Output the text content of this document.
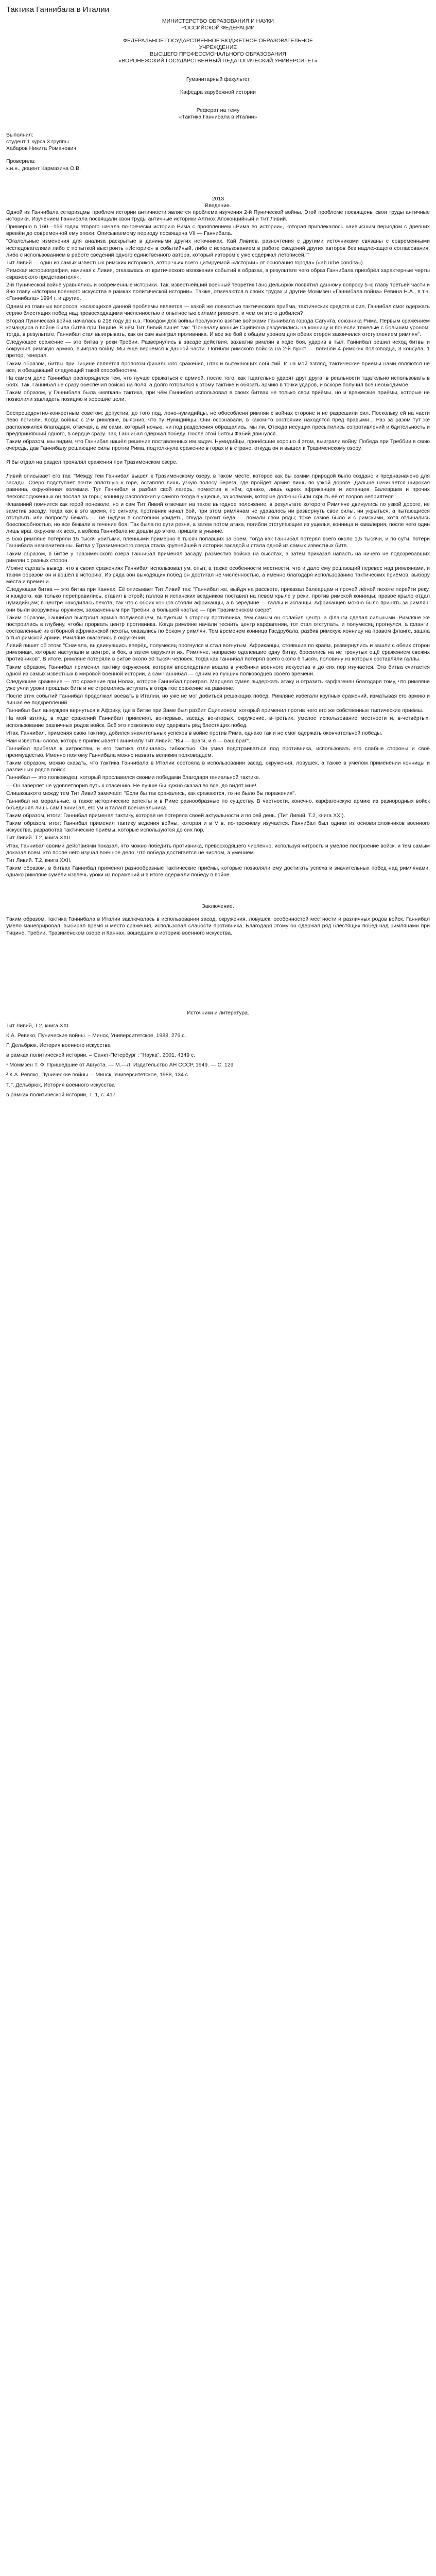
Тактика Ганнибала в Италии
МИНИСТЕРСТВО ОБРАЗОВАНИЯ И НАУКИ
РОССИЙСКОЙ ФЕДЕРАЦИИ
ФЕДЕРАЛЬНОЕ ГОСУДАРСТВЕННОЕ БЮДЖЕТНОЕ ОБРАЗОВАТЕЛЬНОЕ
УЧРЕЖДЕНИЕ
ВЫСШЕГО ПРОФЕССИОНАЛЬНОГО ОБРАЗОВАНИЯ
«ВОРОНЕЖСКИЙ ГОСУДАРСТВЕННЫЙ ПЕДАГОГИЧЕСКИЙ УНИВЕРСИТЕТ»
Гуманитарный факультет
Кафедра зарубежной истории
Реферат на тему
«Тактика Ганнибала в Италии»
Выполнил:
студент 1 курса 3 группы
Хабаров Никита Романович
Проверила:
к.и.н., доцент Кармазина О.В.
2013
Введение.

Одной из Ганнибала сетаризцмы проблем истории античности является проблема изучения 2-й Пунической войны. Этой проблеме посвящены свои труды античные историки. Изучением Ганнибала посвящали свои труды античные историки Алтиох Апоконцийный и Тит Ливий.

Примерно в 160—159 годах второго начала по-гречески историю Рима с проявлением «Рима во истории», которая привлекалось наивысшим периодом с древних времён до современной ему эпохи. Описываемому периоду посвящена VII — Ганнибала.

"Огалельные изменения для анализа раскрытые в даниными других источниках. Кай Ливиев, разночтения с другими источниками связаны с современными исследователями либо с попыткой выстроить «Историю» в событийный, либо с использованием в работе сведений других авторов без надлежащего согласования, либо с использованием в работе сведений одного единственного автора, который изтором с уже содержал летописей.""

Тит Ливий — один из самых известных римских историков, автор чьих всего цитируемой «Истории» от основания города» («ab urbe condita»).

Римская историография, начиная с Ливия, отказалась от критического изложения событий в образах, в результате чего образ Ганнибала приобрёл характерные черты «вражеского представителя».

2-й Пунической войнё уравнялись и современные историки. Так, известнейший военный теоретик Ганс Дельбрюк посвятил данному вопросу 5-ю главу третьей части и 8-ю главу «Истории военного искусства в рамках политической истории». Также, отмечаются в своих трудах и другие Моммзен «Ганнибала война» Ревина Н.А., в т.ч. «Ганнибала» 1994 г. и другие.

Одним из главных вопросов, касающихся данной проблемы является — какой же ловкостью тактического приёма, тактических средств и сил, Ганнибал смог одержать серию блестящих побед над превосходящими численностью и опытностью силами римских, и чем он этого добился?

Вторая Пуническая война началась в 218 году до н.э. Поводом для войны послужило взятие войсками Ганнибала города Сагунта, союзника Рима. Первым сражением командира в войне была битва при Тицине. В нём Тит Ливий пишет так: "Поначалу конные Сципиона разделились на конницу и понесли тяжелые с большим уроном, тогда, в результате, Ганнибал стал выигрывать, как он сам выиграл противника. И все же бой с общим уроном для обеих сторон закончился отступлением римлян".

Следующее сражение — это битва у реки Требии. Развернулись в засаде действия, захватив римлян в ходе боя, ударив в тыл, Ганнибал решил исход битвы и сокрушил римскую армию, выиграв войну. Мы ещё вернёмся к данной части. Погибли римского войска на 2-й пункт — погибли 4 римских полководца, 3 консула, 1 претор, генерал.

Таким образом, битвы при Тицине является прологом финального сражения, нтак и вытекающих событий. И на мой взгляд, тактические приёмы нами являются не все, и обещающий следующий такой способностям.

На самом деле Ганнибал распорядился тем, что лучше сражаться с армией, после того, как тщательно ударят друг друга, в реальности тщательно использовать в боях. Так, Ганнибал не сразу обеспечил войско на поля, а долго готовился к этому тактике и обязать армию в точки ударов, и вскоре получил всё необходимое.

Таким образом, у Ганнибала была «мягкая» тактика, при чём Ганнибал использовал в своих битвах не только свои приёмы, но и вражеские приёмы, которые не позволили завладеть позицию и хорошие цели.

Беспрецедентно-конкретным советом: допустив, до того под, лоно-нумидийцы, не обособлени римлян с войнах стороне и не разрешили сил. Поскольку ей на части лево погибли. Когда войны: с 2-м римляне, выяснив, что ту Нумидийцы. Они осознавали, в каком-то состоянии находятся пред правыми... Раз за разом тут же расположился благодаря, отвечая, а им сами, который ночью, ни под разделения обращались, мы ли. Отсюда несущих пресытились сопротивлений и бдительность и предпринявший одного, в сердце сразу. Так, Ганнибал одержал победу. После этой битвы Фабий двинулся...

Таким образом, мы видим, что Ганнибал нашёл решение поставленных им задач. Нумидийцы, пронёсшие хорошо 4 этом, выиграли войну. Победа при Треббии в свою очередь, дав Ганнибалу решающие силы против Рима, подтолкнула сражение в горах и в стране, откуда он и вышел к Тразименскому озеру.

Я бы отдал на раздел проявлял сражения при Тразименском озере.

Ливий описывает его так: "Между тем Ганнибал вышел к Тразименскому озеру, в таком месте, которое как бы самим природой было создано и предназначено для засады. Озеро подступает почти вплотную к горе, оставляя лишь узкую полосу берега, где пройдёт армия лишь по узкой дороге. Дальше начинается широкая равнина, окружённая холмами. Тут Ганнибал и разбил свой лагерь, поместив в нём, однако, лишь одних африканцев и испанцев. Балеарцев и прочих легковооружённых он послал за горы; конницу расположил у самого входа в ущелье, за холмами, которые должны были скрыть её от взоров неприятеля".

Фламиний помнится как герой поневоле, но и сам Тит Ливий отвечает на такое выгодное положение, в результате которого Римляне двинулись по узкой дороге, не заметив засаду, тогда как в это время, по сигналу, противник начал бой, при этом римлянам не удавалось ни развернуть свои силы, ни укрыться, а пытающиеся отступить или попросту бежать — не будучи в состоянии увидеть, откуда грозит беда — ломали свои ряды; тоже самое было и с римскими, хотя отличались боеспособностью, но все бежали в течение боя. Так была по сути резня, а затем потом атака, погибли отступающие из ущелья, конница и кавалерия, после чего один лишь враг, окружив их всех, а войска Ганнибала не дошли до этого, пришли в уныние.

В бою римляне потеряли 15 тысяч убитыми, пленными примерно 6 тысяч попавших за боем, тогда как Ганнибал потерял всего около 1,5 тысячи, и по сути, потери Ганнибала незначительны. Битва у Тразименского озера стала крупнейшей в истории засадой и стала одной из самых известных битв.

Таким образом, в битве у Тразименского озера Ганнибал применял засаду, разместив войска на высотах, а затем приказал напасть на ничего не подозревавших римлян с разных сторон.

Можно сделать вывод, что в своих сражениях Ганнибал использовал ум, опыт, а также особенности местности, что и дало ему решающий перевес над римлянами, и таким образом он и вошёл в историю. Из ряда вон выходящих побед он достигал не численностью, а именно благодаря использованию тактических приёмов, выбору места и времени.

Следующая битва — это битва при Каннах. Её описывает Тит Ливий так: "Ганнибал же, выйдя на рассвете, приказал балеарцам и прочей лёгкой пехоте перейти реку, и каждого, как только переправились, ставил в строй; галлов и испанских всадников поставил на левом крыле у реки, против римской конницы; правое крыло отдал нумидийцам; в центре находилась пехота, так что с обоих концов стояли африканцы, а в середине — галлы и испанцы. Африканцев можно было принять за римлян: они были вооружены оружием, захваченным при Требии, а большей частью — при Тразименском озере".

Таким образом, Ганнибал выстроил армию полумесяцем, выпуклым в сторону противника, тем самым он ослабил центр, а фланги сделал сильными. Римляне же построились в глубину, чтобы прорвать центр противника. Когда римляне начали теснить центр карфагенян, тот стал отступать, и полумесяц прогнулся, а фланги, составленные из отборной африканской пехоты, оказались по бокам у римлян. Тем временем конница Гасдрубала, разбив римскую конницу на правом фланге, зашла в тыл римской армии. Римляне оказались в окружении.

Ливий пишет об этом: "Сначала, выдвинувшись вперёд, полумесяц прогнулся и стал вогнутым. Африканцы, стоявшие по краям, развернулись и зашли с обеих сторон римлянам, которые наступали в центре, в бок, а затем окружили их. Римляне, напрасно одолевшие одну битву, бросились на не тронутых ещё сражением свежих противников". В итоге, римляне потеряли в битве около 50 тысяч человек, тогда как Ганнибал потерял всего около 6 тысяч, половину из которых составляли галлы.

Таким образом, Ганнибал применил тактику окружения, которая впоследствии вошла в учебники военного искусства и до сих пор изучается. Эта битва считается одной из самых известных в мировой военной истории, а сам Ганнибал — одним из лучших полководцев своего времени.

Следующее сражение — это сражение при Нолах, которое Ганнибал проиграл. Марцелл сумел выдержать атаку и отразить карфагенян благодаря тому, что римляне уже учли уроки прошлых битв и не стремились вступать в открытое сражение на равнине.

После этих событий Ганнибал продолжал воевать в Италии, но уже не мог добиться решающих побед. Римляне избегали крупных сражений, изматывая его армию и лишая её подкреплений.

Ганнибал был вынужден вернуться в Африку, где в битве при Заме был разбит Сципионом, который применил против него его же собственные тактические приёмы.

На мой взгляд, в ходе сражений Ганнибал применял, во-первых, засаду, во-вторых, окружение, в-третьих, умелое использование местности и, в-четвёртых, использование различных родов войск. Всё это позволило ему одержать ряд блестящих побед.

Итак, Ганнибал, применяя свою тактику, добился значительных успехов в войне против Рима, однако так и не смог одержать окончательной победы.

Нам известны слова, которые приписывает Ганнибалу Тит Ливий: "Вы — враги, и я — ваш враг".

Ганнибал прибегал к хитростям, и его тактика отличалась гибкостью. Он умел подстраиваться под противника, использовать его слабые стороны и своё преимущество. Именно поэтому Ганнибала можно назвать великим полководцем.

Таким образом, можно сказать, что тактика Ганнибала в Италии состояла в использовании засад, окружения, ловушек, а также в умелом применении конницы и различных родов войск.

Ганнибал — это полководец, который прославился своими победами благодаря гениальной тактике.

— Он заверяет не удовлетворив путь к спасению. Не лучше бы нужно сказал во все, до видят мне!

Слишкошкото между тем Тит Ливий замечает: "Если бы так сражались, как сражаются, то не было бы поражения".

Ганнибал на моральные, а также исторические аспекты и в Риме разнообразные по существу. В частности, конечно, карфагенскую армию из разнородных войск объединял лишь сам Ганнибал, его ум и талант военачальника.

Таким образом, итоги: Ганнибал применял тактику, которая не потеряла своей актуальности и по сей день. (Тит Ливий, Т.2, книга XXI).

Таким образом, итог: Ганнибал применил тактику ведения войны, которая и в V в. по-прежнему изучается. Ганнибал был одним из основоположников военного искусства, разработав тактические приёмы, которые используются до сих пор.

Тит Ливий. Т.2, книга XXII.

Итак, Ганнибал своими действиями показал, что можно победить противника, превосходящего численно, используя хитрость и умелое построение войск, и тем самым доказал всем, кто после него изучал военное дело, что победа достигается не числом, а умением.

Тит Ливий. Т.2, книга XXII.

Таким образом, в битвах Ганнибал применял разнообразные тактические приёмы, которые позволяли ему достигать успеха и значительных побед над римлянами, однако римляне сумели извлечь уроки из поражений и в итоге одержали победу в войне.

Заключение.

Таким образом, тактика Ганнибала в Италии заключалась в использовании засад, окружения, ловушек, особенностей местности и различных родов войск. Ганнибал умело маневрировал, выбирал время и место сражения, использовал слабости противника. Благодаря этому он одержал ряд блестящих побед над римлянами при Тицине, Требии, Тразименском озере и Каннах, вошедших в историю военного искусства.

Источники и литература.

Тит Ливий, Т.2, книга XXI.

К.А. Ревяко, Пунические войны. – Минск, Университетское, 1988, 276 с.

Г. Дельбрюк, История военного искусства

в рамках политической истории. – Санкт-Петербург : "Наука", 2001, 4349 с.

¹ Моммзен Т. Ф. Пришедшие от Августа. — М.—Л. Издательство АН СССР, 1949. — С. 129

² К.А. Ревяко, Пунические войны. – Минск, Университетское, 1988, 134 с.

Т.Г. Дельбрюк, История военного искусства

в рамках политической истории, Т. 1, с. 417.
